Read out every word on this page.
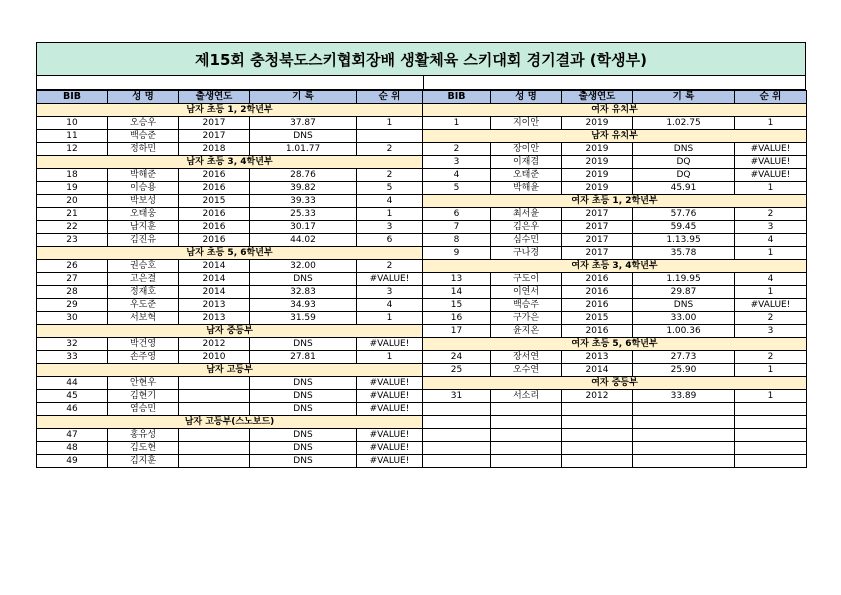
제15회 충청북도스키협회장배 생활체육 스키대회 경기결과 (학생부)
BIB	성 명	출생연도	기 록	순 위	BIB	성 명	출생연도	기 록	순 위
남자 초등 1, 2학년부					여자 유치부				
10	오승우	2017	37.87	1	1	지이안	2019	1.02.75	1
11	백승준	2017	DNS		남자 유치부				
12	정하민	2018	1.01.77	2	2	장이안	2019	DNS	#VALUE!
남자 초등 3, 4학년부					3	이재겸	2019	DQ	#VALUE!
18	박해준	2016	28.76	2	4	오태준	2019	DQ	#VALUE!
19	이승용	2016	39.82	5	5	박해윤	2019	45.91	1
20	박보성	2015	39.33	4	여자 초등 1, 2학년부				
21	오태웅	2016	25.33	1	6	최서윤	2017	57.76	2
22	남지훈	2016	30.17	3	7	김은우	2017	59.45	3
23	김진유	2016	44.02	6	8	심수민	2017	1.13.95	4
남자 초등 5, 6학년부					9	구나경	2017	35.78	1
26	권승호	2014	32.00	2	여자 초등 3, 4학년부				
27	고은결	2014	DNS	#VALUE!	13	구도이	2016	1.19.95	4
28	정재호	2014	32.83	3	14	이연서	2016	29.87	1
29	우도준	2013	34.93	4	15	백승주	2016	DNS	#VALUE!
30	서보혁	2013	31.59	1	16	구가은	2015	33.00	2
남자 중등부					17	윤지온	2016	1.00.36	3
32	박건영	2012	DNS	#VALUE!	여자 초등 5, 6학년부				
33	손주영	2010	27.81	1	24	장서연	2013	27.73	2
남자 고등부					25	오수연	2014	25.90	1
44	안현우		DNS	#VALUE!	여자 중등부				
45	김현기		DNS	#VALUE!	31	서소리	2012	33.89	1
46	염승민		DNS	#VALUE!					
남자 고등부(스노보드)									
47	홍유성		DNS	#VALUE!					
48	김도현		DNS	#VALUE!					
49	김지훈		DNS	#VALUE!					
